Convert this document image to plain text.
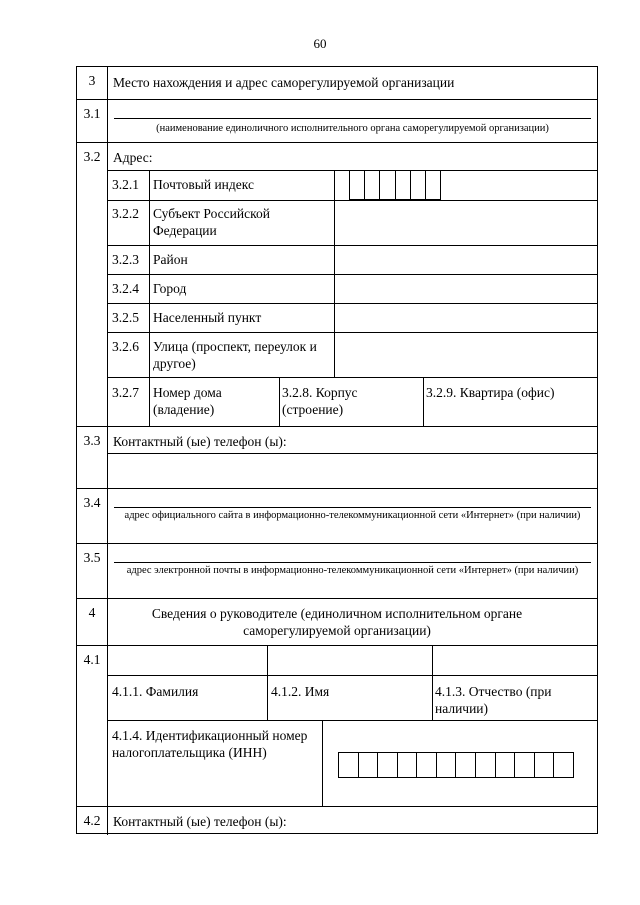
60
3	Место нахождения и адрес саморегулируемой организации
3.1
(наименование единоличного исполнительного органа саморегулируемой организации)
3.2 Адрес:
3.2.1 Почтовый индекс
3.2.2 Субъект Российской Федерации
3.2.3 Район
3.2.4 Город
3.2.5 Населенный пункт
3.2.6 Улица (проспект, переулок и другое)
3.2.7 Номер дома (владение)
3.2.8. Корпус (строение)
3.2.9. Квартира (офис)
3.3 Контактный (ые) телефон (ы):
3.4
адрес официального сайта в информационно-телекоммуникационной сети «Интернет» (при наличии)
3.5
адрес электронной почты в информационно-телекоммуникационной сети «Интернет» (при наличии)
4	Сведения о руководителе (единоличном исполнительном органе саморегулируемой организации)
4.1
4.1.1. Фамилия	4.1.2. Имя	4.1.3. Отчество (при наличии)
4.1.4. Идентификационный номер налогоплательщика (ИНН)
4.2 Контактный (ые) телефон (ы):
